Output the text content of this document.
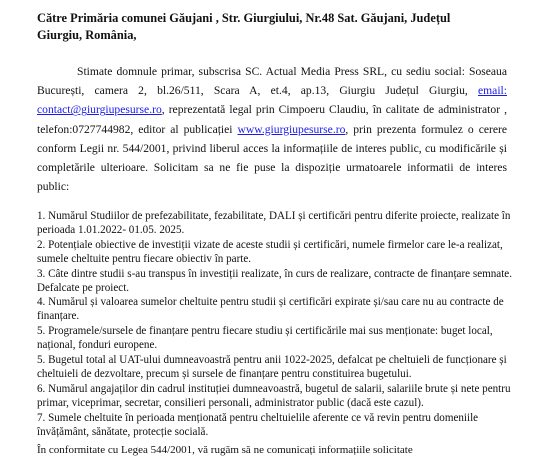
Către Primăria comunei Găujani , Str. Giurgiului, Nr.48 Sat. Găujani, Județul
Giurgiu, România,
Stimate domnule primar, subscrisa SC. Actual Media Press SRL, cu sediu social: Soseaua București, camera 2, bl.26/511, Scara A, et.4, ap.13, Giurgiu Județul Giurgiu, email: contact@giurgiupesurse.ro, reprezentată legal prin Cimpoeru Claudiu, în calitate de administrator , telefon:0727744982, editor al publicației www.giurgiupesurse.ro, prin prezenta formulez o cerere conform Legii nr. 544/2001, privind liberul acces la informațiile de interes public, cu modificările și completările ulterioare. Solicitam sa ne fie puse la dispoziție urmatoarele informatii de interes public:
1. Numărul Studiilor de prefezabilitate, fezabilitate, DALI și certificări pentru diferite proiecte, realizate în perioada 1.01.2022- 01.05. 2025.
2. Potențiale obiective de investiții vizate de aceste studii și certificări, numele firmelor care le-a realizat, sumele cheltuite pentru fiecare obiectiv în parte.
3. Câte dintre studii s-au transpus în investiții realizate, în curs de realizare, contracte de finanțare semnate. Defalcate pe proiect.
4. Numărul și valoarea sumelor cheltuite pentru studii și certificări expirate și/sau care nu au contracte de finanțare.
5. Programele/sursele de finanțare pentru fiecare studiu și certificările mai sus menționate: buget local, național, fonduri europene.
5. Bugetul total al UAT-ului dumneavoastră pentru anii 1022-2025, defalcat pe cheltuieli de funcționare și cheltuieli de dezvoltare, precum și sursele de finanțare pentru constituirea bugetului.
6. Numărul angajaților din cadrul instituției dumneavoastră, bugetul de salarii, salariile brute și nete pentru primar, viceprimar, secretar, consilieri personali, administrator public (dacă este cazul).
7. Sumele cheltuite în perioada menționată pentru cheltuielile aferente ce vă revin pentru domeniile învățământ, sănătate, protecție socială.
În conformitate cu Legea 544/2001, vă rugăm să ne comunicați informațiile solicitate
